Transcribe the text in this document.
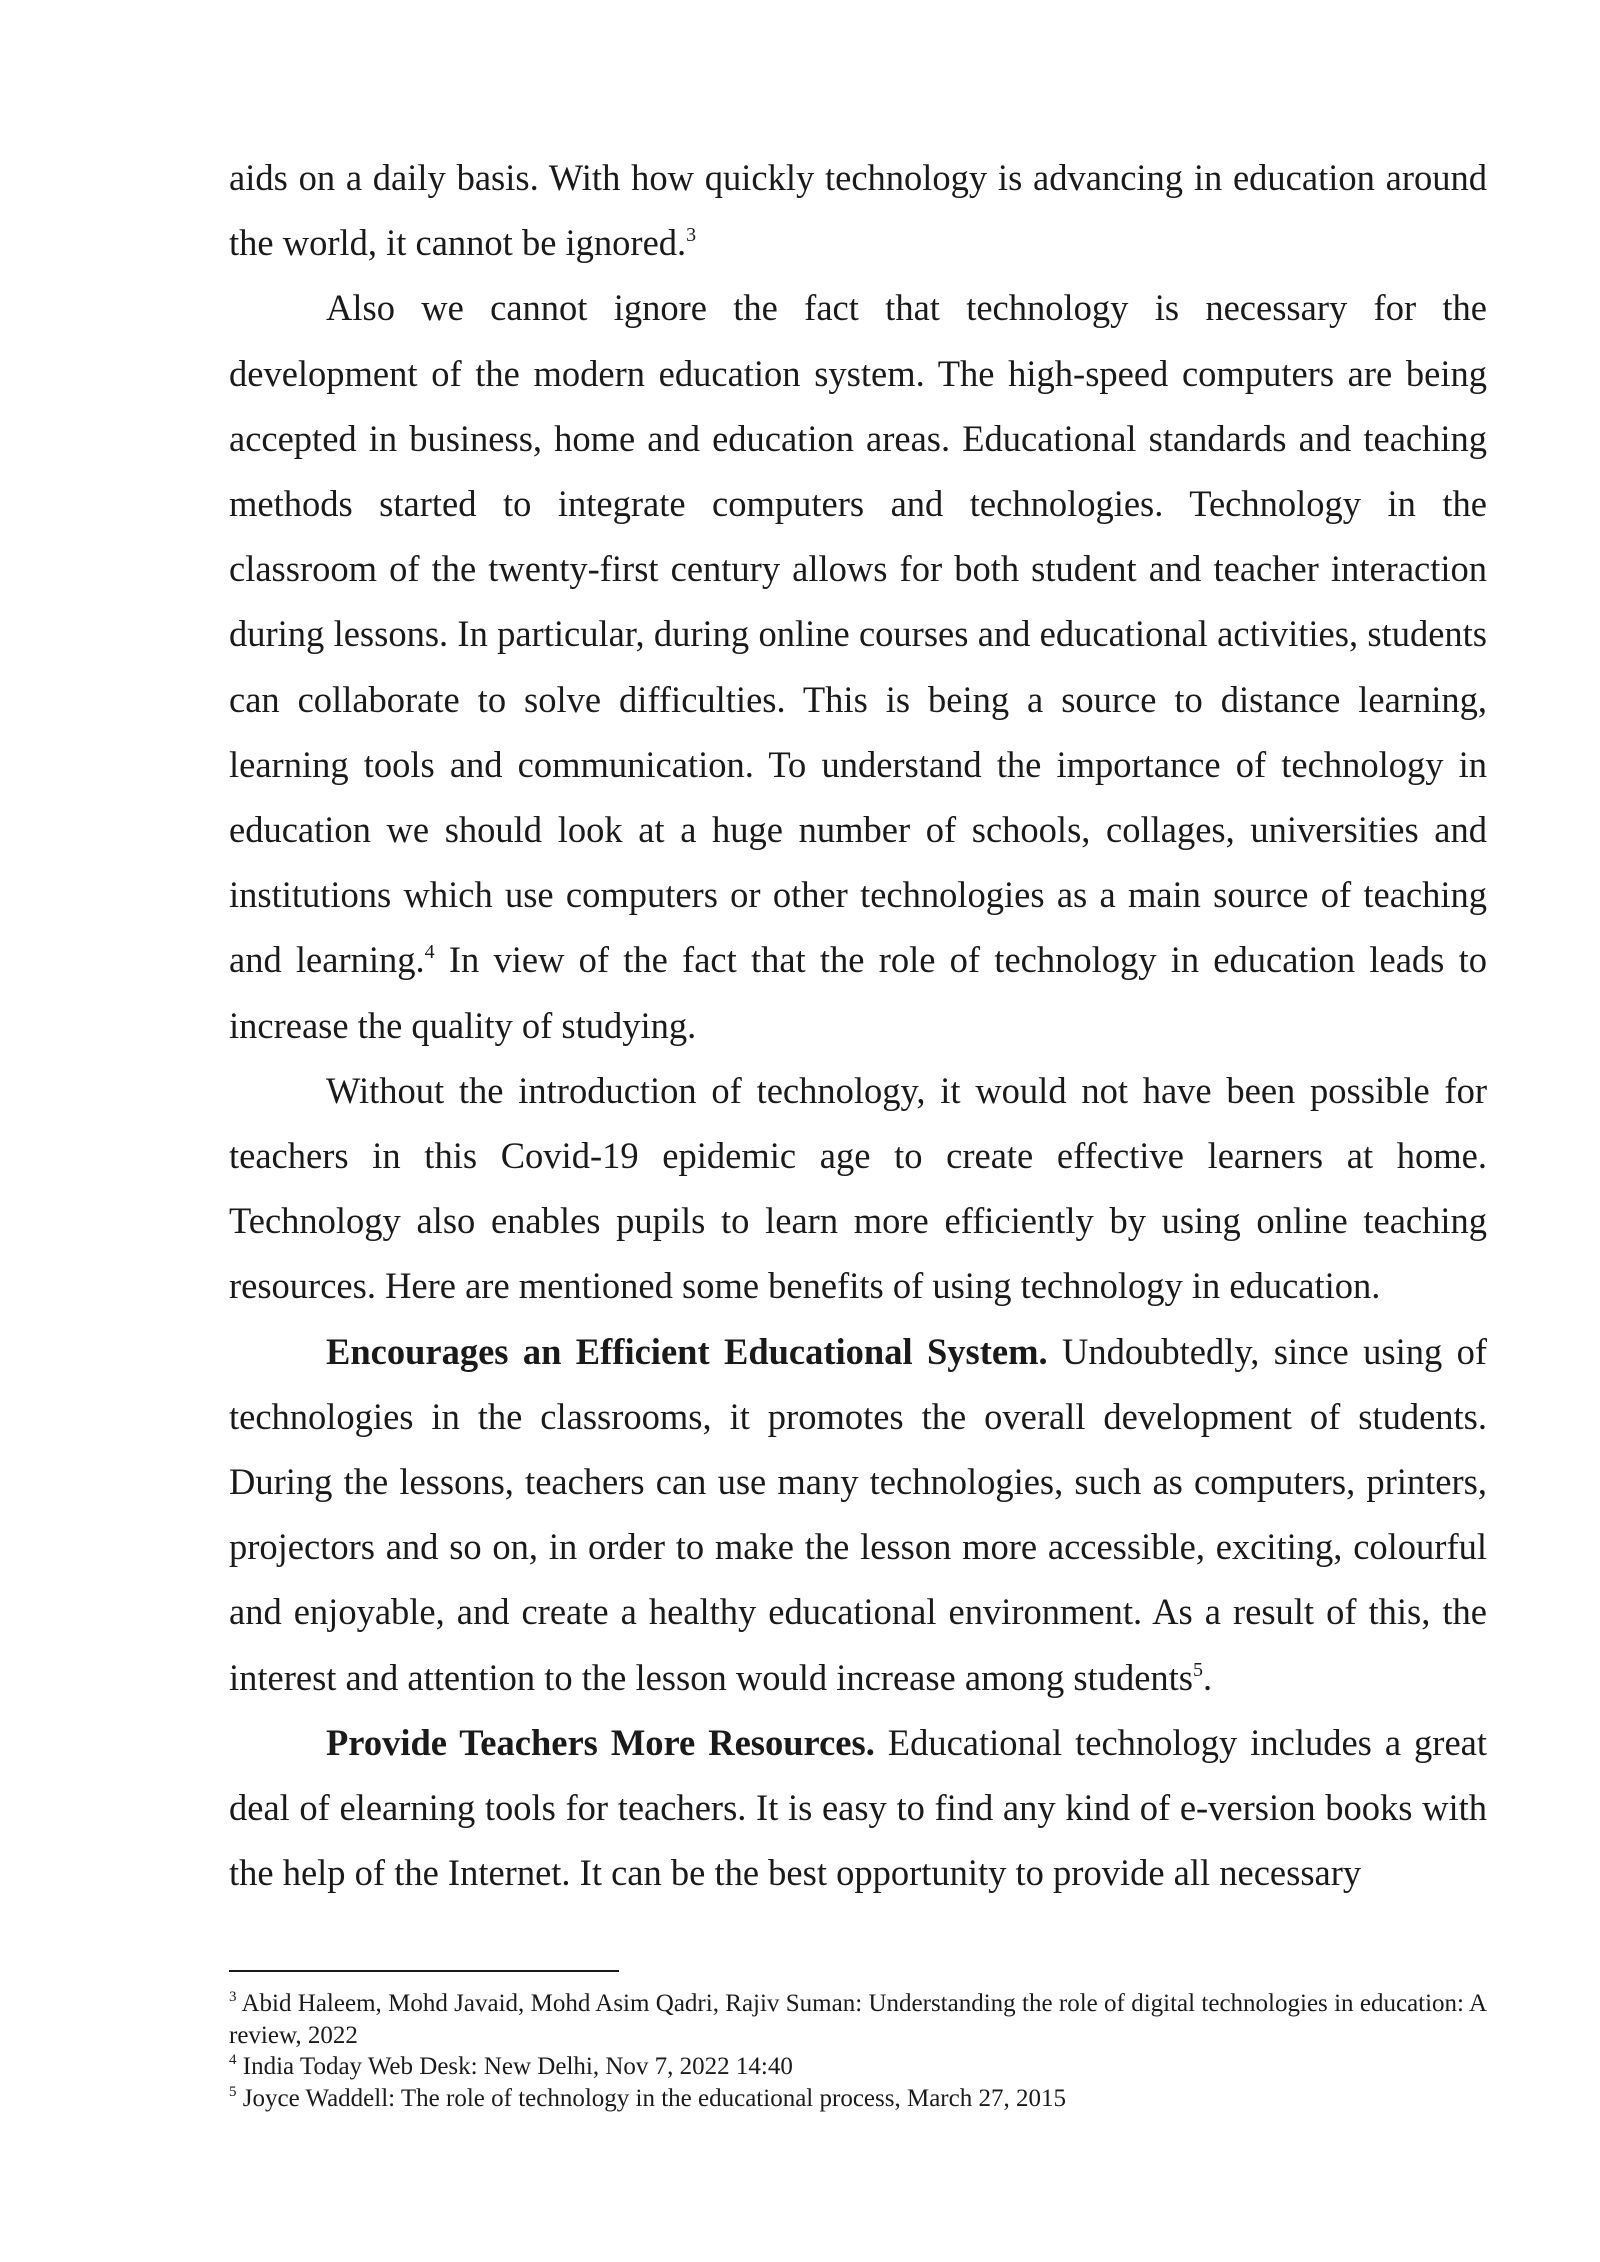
aids on a daily basis. With how quickly technology is advancing in education around the world, it cannot be ignored.$^3$

Also we cannot ignore the fact that technology is necessary for the development of the modern education system. The high-speed computers are being accepted in business, home and education areas. Educational standards and teaching methods started to integrate computers and technologies. Technology in the classroom of the twenty-first century allows for both student and teacher interaction during lessons. In particular, during online courses and educational activities, students can collaborate to solve difficulties. This is being a source to distance learning, learning tools and communication. To understand the importance of technology in education we should look at a huge number of schools, collages, universities and institutions which use computers or other technologies as a main source of teaching and learning.$^4$ In view of the fact that the role of technology in education leads to increase the quality of studying.

Without the introduction of technology, it would not have been possible for teachers in this Covid-19 epidemic age to create effective learners at home. Technology also enables pupils to learn more efficiently by using online teaching resources. Here are mentioned some benefits of using technology in education.

Encourages an Efficient Educational System. Undoubtedly, since using of technologies in the classrooms, it promotes the overall development of students. During the lessons, teachers can use many technologies, such as computers, printers, projectors and so on, in order to make the lesson more accessible, exciting, colourful and enjoyable, and create a healthy educational environment. As a result of this, the interest and attention to the lesson would increase among students$^5$.

Provide Teachers More Resources. Educational technology includes a great deal of elearning tools for teachers. It is easy to find any kind of e-version books with the help of the Internet. It can be the best opportunity to provide all necessary

$^3$ Abid Haleem, Mohd Javaid, Mohd Asim Qadri, Rajiv Suman: Understanding the role of digital technologies in education: A review, 2022

$^4$ India Today Web Desk: New Delhi, Nov 7, 2022 14:40

$^5$ Joyce Waddell: The role of technology in the educational process, March 27, 2015
